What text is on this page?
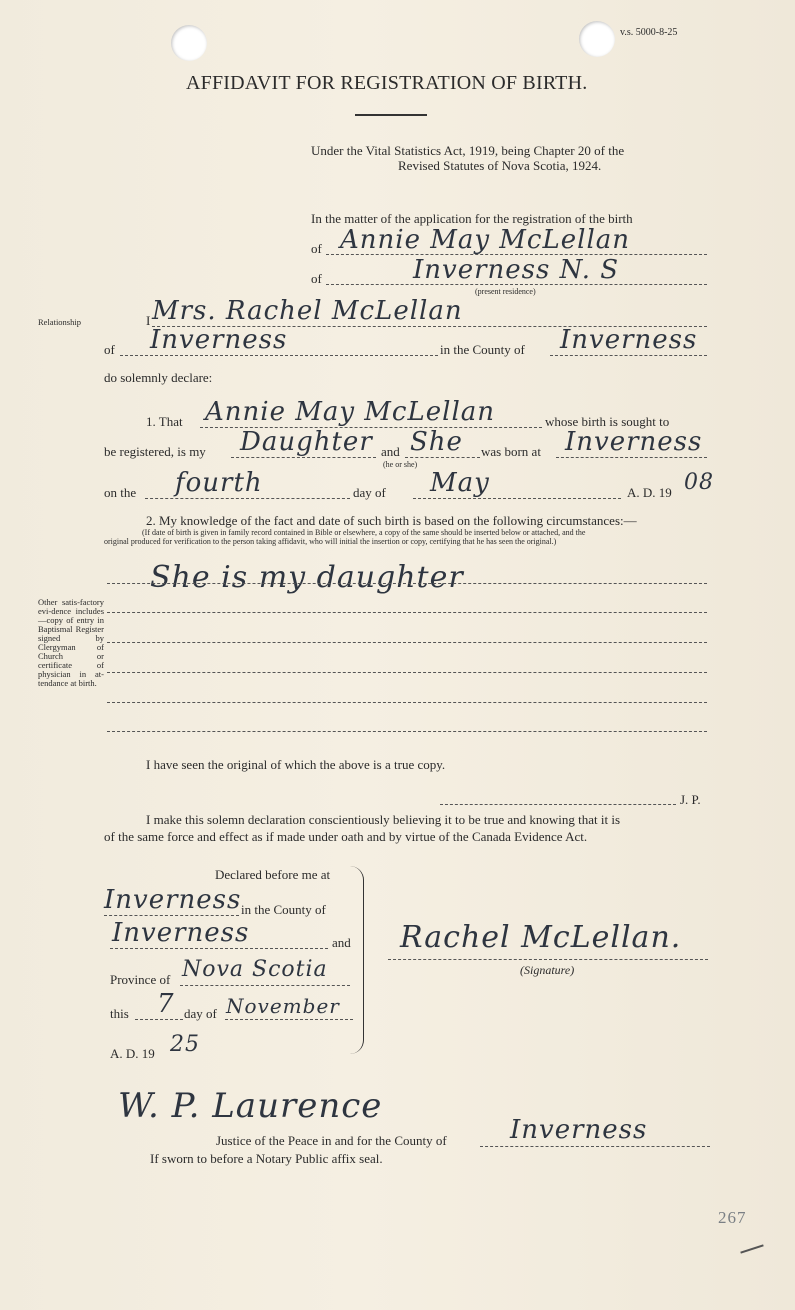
v.s. 5000-8-25
AFFIDAVIT FOR REGISTRATION OF BIRTH.
Under the Vital Statistics Act, 1919, being Chapter 20 of the
Revised Statutes of Nova Scotia, 1924.
In the matter of the application for the registration of the birth
of Annie May McLellan
of	Inverness N. S
(present residence)
Relationship	I Mrs. Rachel McLellan
of Inverness	in the County of Inverness
do solemnly declare:
1. That Annie May McLellan	whose birth is sought to
be registered, is my Daughter and She was born at Inverness
(he or she)
on the fourth	day of May	A. D. 19 08
2. My knowledge of the fact and date of such birth is based on the following circumstances:—
(If date of birth is given in family record contained in Bible or elsewhere, a copy of the same should be inserted below or attached, and the
original produced for verification to the person taking affidavit, who will initial the insertion or copy, certifying that he has seen the original.)
Other satis-factory evi-dence includes —copy of entry in Baptismal Register signed by Clergyman of Church or certificate of physician in at-tendance at birth.
She is my daughter
I have seen the original of which the above is a true copy.
J. P.
I make this solemn declaration conscientiously believing it to be true and knowing that it is
of the same force and effect as if made under oath and by virtue of the Canada Evidence Act.
Declared before me at
Inverness in the County of
Inverness	and
Province of Nova Scotia
this 7 day of November
A. D. 19 25
Rachel McLellan.
(Signature)
W. P. Laurence
Justice of the Peace in and for the County of Inverness
If sworn to before a Notary Public affix seal.
267
